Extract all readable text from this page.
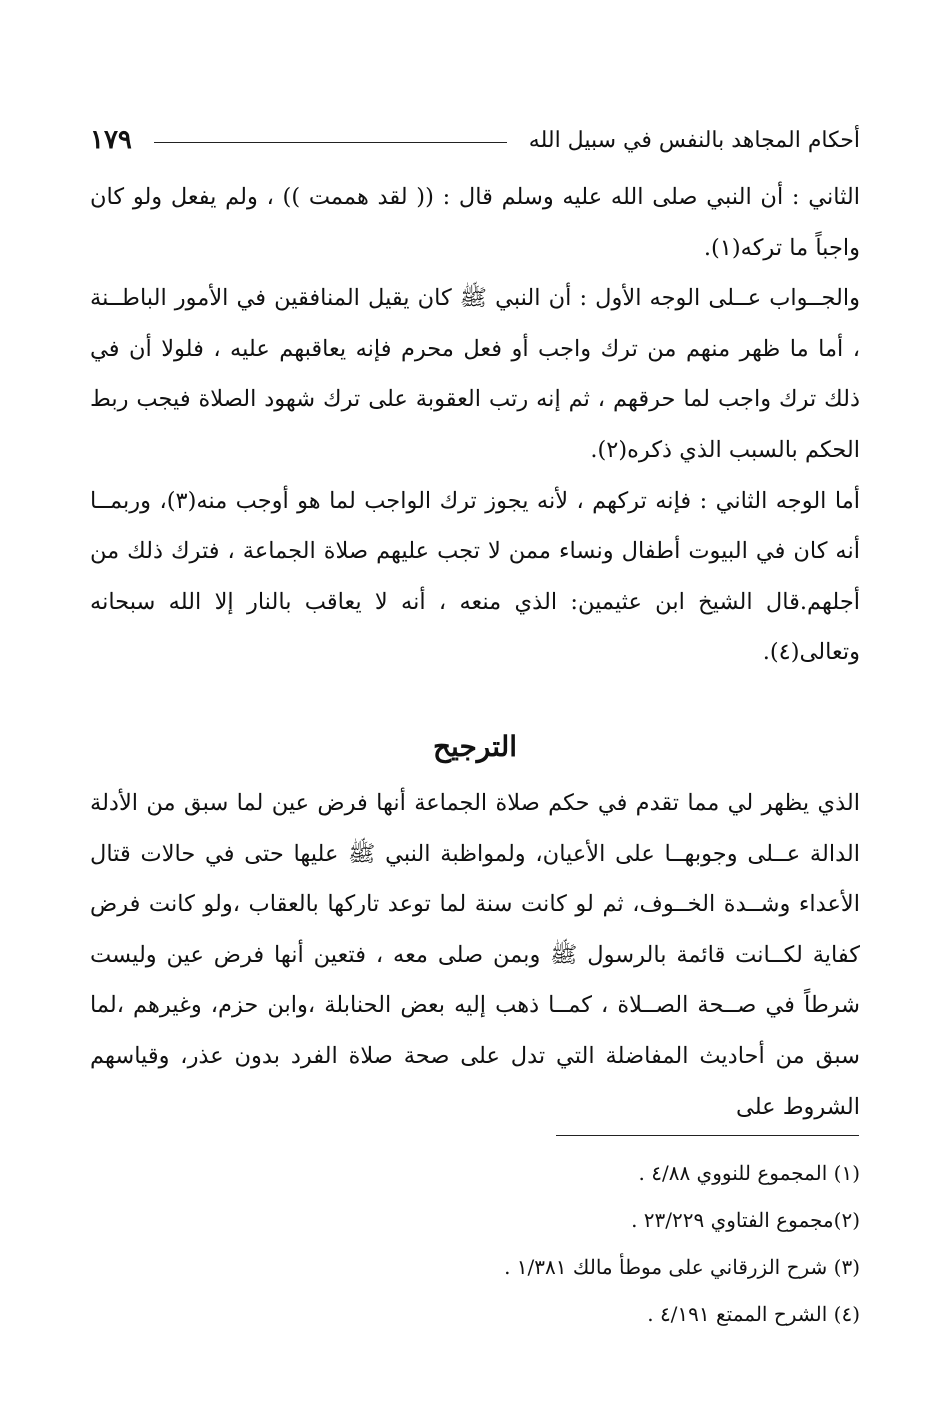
أحكام المجاهد بالنفس في سبيل الله
١٧٩

الثاني : أن النبي صلى الله عليه وسلم قال : (( لقد هممت )) ، ولم يفعل ولو كان واجباً ما تركه(١).

والجــواب عــلى الوجه الأول : أن النبي ﷺ كان يقيل المنافقين في الأمور الباطــنة ، أما ما ظهر منهم من ترك واجب أو فعل محرم فإنه يعاقبهم عليه ، فلولا أن في ذلك ترك واجب لما حرقهم ، ثم إنه رتب العقوبة على ترك شهود الصلاة فيجب ربط الحكم بالسبب الذي ذكره(٢).

أما الوجه الثاني : فإنه تركهم ، لأنه يجوز ترك الواجب لما هو أوجب منه(٣)، وربمــا أنه كان في البيوت أطفال ونساء ممن لا تجب عليهم صلاة الجماعة ، فترك ذلك من أجلهم.قال الشيخ ابن عثيمين: الذي منعه ، أنه لا يعاقب بالنار إلا الله سبحانه وتعالى(٤).

الترجيح

الذي يظهر لي مما تقدم في حكم صلاة الجماعة أنها فرض عين لما سبق من الأدلة الدالة عــلى وجوبهــا على الأعيان، ولمواظبة النبي ﷺ عليها حتى في حالات قتال الأعداء وشــدة الخــوف، ثم لو كانت سنة لما توعد تاركها بالعقاب ،ولو كانت فرض كفاية لكــانت قائمة بالرسول ﷺ وبمن صلى معه ، فتعين أنها فرض عين وليست شرطاً في صــحة الصــلاة ، كمــا ذهب إليه بعض الحنابلة ،وابن حزم، وغيرهم ،لما سبق من أحاديث المفاضلة التي تدل على صحة صلاة الفرد بدون عذر، وقياسهم الشروط على

(١) المجموع للنووي ٤/٨٨ .

(٢)مجموع الفتاوي ٢٣/٢٢٩ .

(٣) شرح الزرقاني على موطأ مالك ١/٣٨١ .

(٤) الشرح الممتع ٤/١٩١ .
